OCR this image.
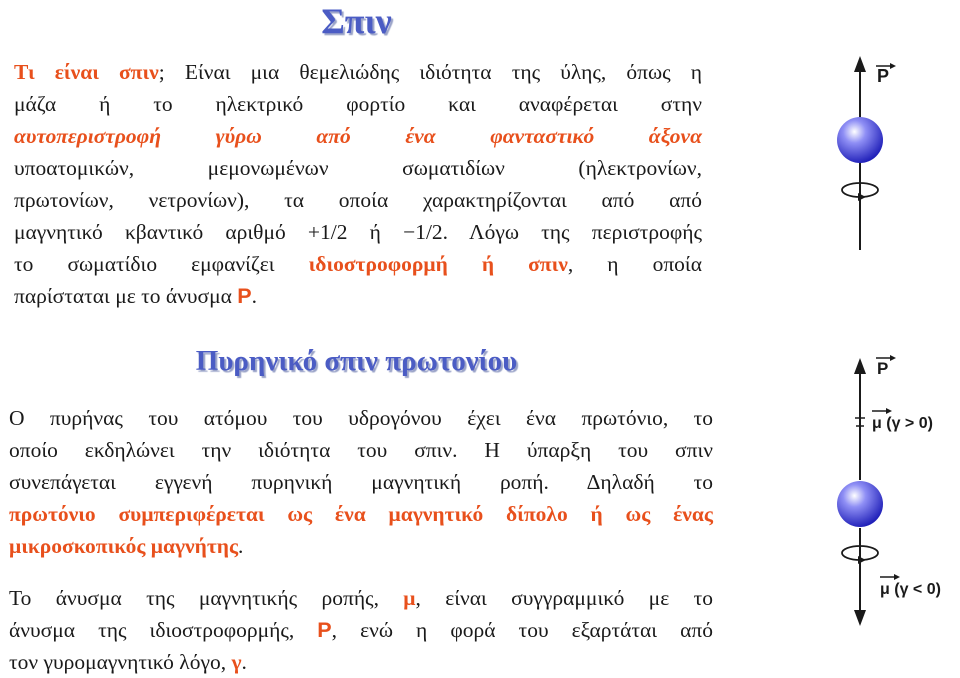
Σπιν
Τι είναι σπιν; Είναι μια θεμελιώδης ιδιότητα της ύλης, όπως η
μάζα ή το ηλεκτρικό φορτίο και αναφέρεται στην
αυτοπεριστροφή γύρω από ένα φανταστικό άξονα
υποατομικών, μεμονωμένων σωματιδίων (ηλεκτρονίων,
πρωτονίων, νετρονίων), τα οποία χαρακτηρίζονται από από
μαγνητικό κβαντικό αριθμό +1/2 ή −1/2. Λόγω της περιστροφής
το σωματίδιο εμφανίζει ιδιοστροφορμή ή σπιν, η οποία
παρίσταται με το άνυσμα P.
Πυρηνικό σπιν πρωτονίου
Ο πυρήνας του ατόμου του υδρογόνου έχει ένα πρωτόνιο, το
οποίο εκδηλώνει την ιδιότητα του σπιν. Η ύπαρξη του σπιν
συνεπάγεται εγγενή πυρηνική μαγνητική ροπή. Δηλαδή το
πρωτόνιο συμπεριφέρεται ως ένα μαγνητικό δίπολο ή ως ένας
μικροσκοπικός μαγνήτης.
Το άνυσμα της μαγνητικής ροπής, μ, είναι συγγραμμικό με το
άνυσμα της ιδιοστροφορμής, P, ενώ η φορά του εξαρτάται από
τον γυρομαγνητικό λόγο, γ.
P
P
μ (γ > 0)
μ (γ < 0)
